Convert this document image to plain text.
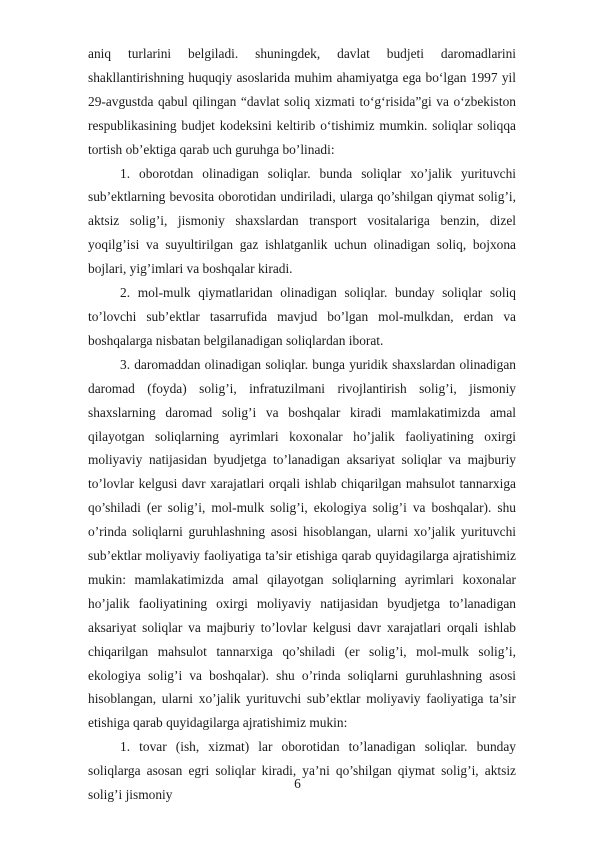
aniq turlarini belgiladi. shuningdek, davlat budjeti daromadlarini shakllantirishning huquqiy asoslarida muhim ahamiyatga ega bo‘lgan 1997 yil 29-avgustda qabul qilingan “davlat soliq xizmati to‘g‘risida”gi va o‘zbekiston respublikasining budjet kodeksini keltirib o‘tishimiz mumkin. soliqlar soliqqa tortish ob’ektiga qarab uch guruhga bo’linadi:

1. oborotdan olinadigan soliqlar. bunda soliqlar xo’jalik yurituvchi sub’ektlarning bevosita oborotidan undiriladi, ularga qo’shilgan qiymat solig’i, aktsiz solig’i, jismoniy shaxslardan transport vositalariga benzin, dizel yoqilg’isi va suyultirilgan gaz ishlatganlik uchun olinadigan soliq, bojxona bojlari, yig’imlari va boshqalar kiradi.

2. mol-mulk qiymatlaridan olinadigan soliqlar. bunday soliqlar soliq to’lovchi sub’ektlar tasarrufida mavjud bo’lgan mol-mulkdan, erdan va boshqalarga nisbatan belgilanadigan soliqlardan iborat.

3. daromaddan olinadigan soliqlar. bunga yuridik shaxslardan olinadigan daromad (foyda) solig’i, infratuzilmani rivojlantirish solig’i, jismoniy shaxslarning daromad solig’i va boshqalar kiradi mamlakatimizda amal qilayotgan soliqlarning ayrimlari koxonalar ho’jalik faoliyatining oxirgi moliyaviy natijasidan byudjetga to’lanadigan aksariyat soliqlar va majburiy to’lovlar kelgusi davr xarajatlari orqali ishlab chiqarilgan mahsulot tannarxiga qo’shiladi (er solig’i, mol-mulk solig’i, ekologiya solig’i va boshqalar). shu o’rinda soliqlarni guruhlashning asosi hisoblangan, ularni xo’jalik yurituvchi sub’ektlar moliyaviy faoliyatiga ta’sir etishiga qarab quyidagilarga ajratishimiz mukin: mamlakatimizda amal qilayotgan soliqlarning ayrimlari koxonalar ho’jalik faoliyatining oxirgi moliyaviy natijasidan byudjetga to’lanadigan aksariyat soliqlar va majburiy to’lovlar kelgusi davr xarajatlari orqali ishlab chiqarilgan mahsulot tannarxiga qo’shiladi (er solig’i, mol-mulk solig’i, ekologiya solig’i va boshqalar). shu o’rinda soliqlarni guruhlashning asosi hisoblangan, ularni xo’jalik yurituvchi sub’ektlar moliyaviy faoliyatiga ta’sir etishiga qarab quyidagilarga ajratishimiz mukin:

1. tovar (ish, xizmat) lar oborotidan to’lanadigan soliqlar. bunday soliqlarga asosan egri soliqlar kiradi, ya’ni qo’shilgan qiymat solig’i, aktsiz solig’i jismoniy

6
